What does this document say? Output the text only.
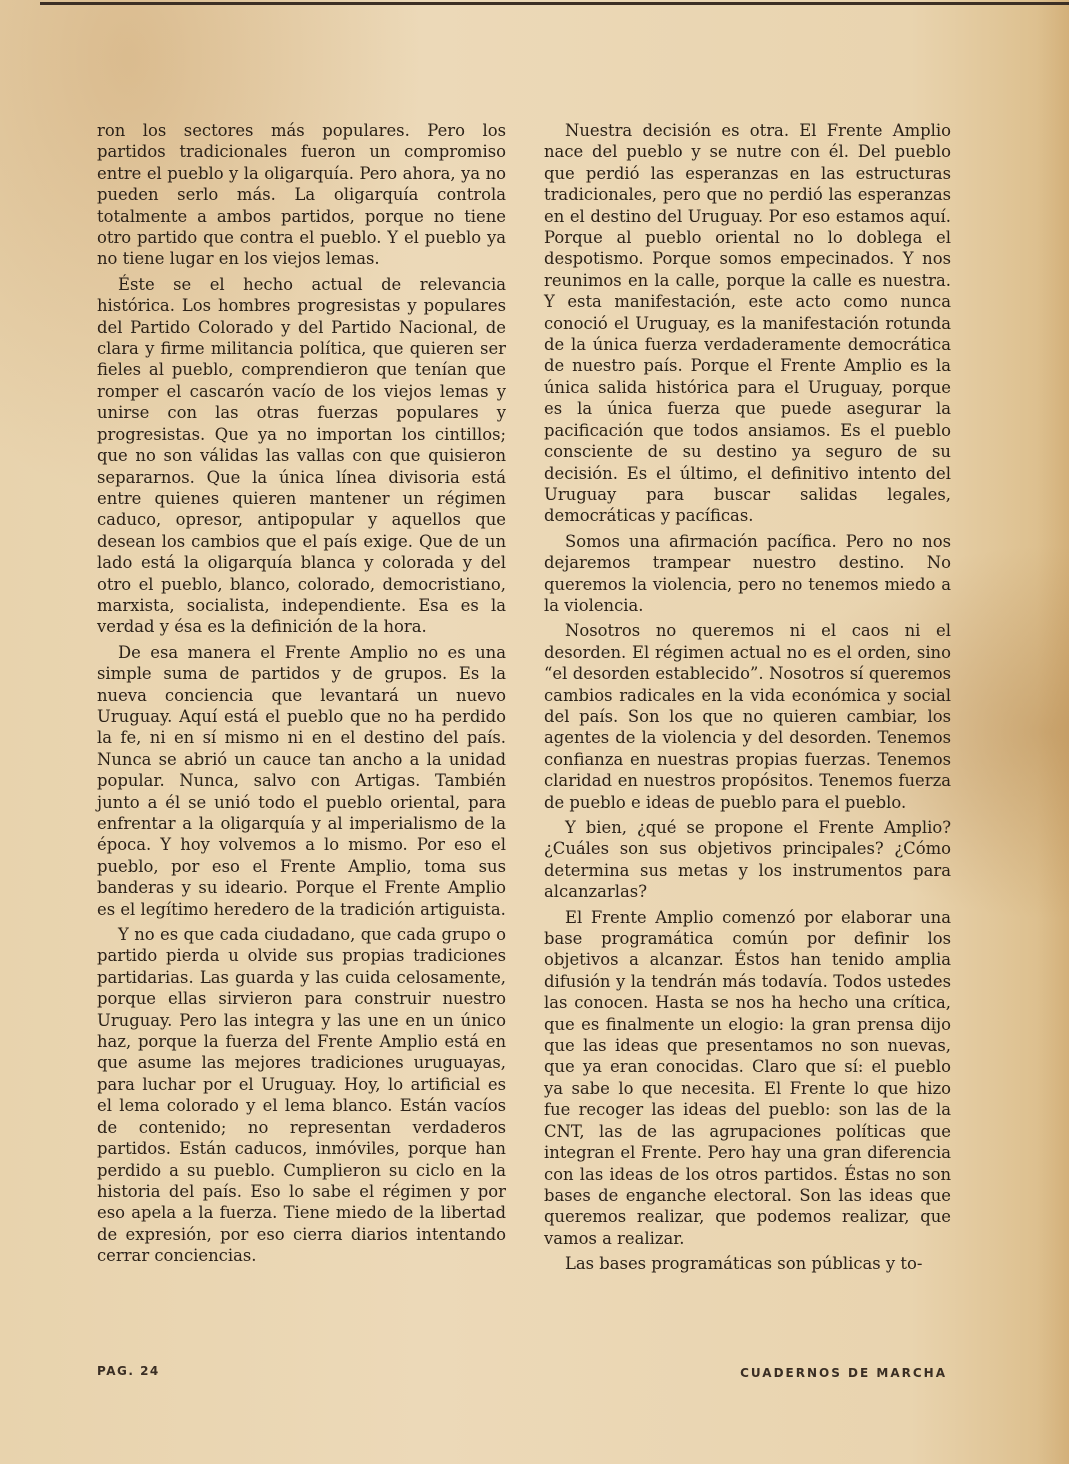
ron los sectores más populares. Pero los partidos tradicionales fueron un compromiso entre el pueblo y la oligarquía. Pero ahora, ya no pueden serlo más. La oligarquía controla totalmente a ambos partidos, porque no tiene otro partido que contra el pueblo. Y el pueblo ya no tiene lugar en los viejos lemas.

Éste se el hecho actual de relevancia histórica. Los hombres progresistas y populares del Partido Colorado y del Partido Nacional, de clara y firme militancia política, que quieren ser fieles al pueblo, comprendieron que tenían que romper el cascarón vacío de los viejos lemas y unirse con las otras fuerzas populares y progresistas. Que ya no importan los cintillos; que no son válidas las vallas con que quisieron separarnos. Que la única línea divisoria está entre quienes quieren mantener un régimen caduco, opresor, antipopular y aquellos que desean los cambios que el país exige. Que de un lado está la oligarquía blanca y colorada y del otro el pueblo, blanco, colorado, democristiano, marxista, socialista, independiente. Esa es la verdad y ésa es la definición de la hora.

De esa manera el Frente Amplio no es una simple suma de partidos y de grupos. Es la nueva conciencia que levantará un nuevo Uruguay. Aquí está el pueblo que no ha perdido la fe, ni en sí mismo ni en el destino del país. Nunca se abrió un cauce tan ancho a la unidad popular. Nunca, salvo con Artigas. También junto a él se unió todo el pueblo oriental, para enfrentar a la oligarquía y al imperialismo de la época. Y hoy volvemos a lo mismo. Por eso el pueblo, por eso el Frente Amplio, toma sus banderas y su ideario. Porque el Frente Amplio es el legítimo heredero de la tradición artiguista.

Y no es que cada ciudadano, que cada grupo o partido pierda u olvide sus propias tradiciones partidarias. Las guarda y las cuida celosamente, porque ellas sirvieron para construir nuestro Uruguay. Pero las integra y las une en un único haz, porque la fuerza del Frente Amplio está en que asume las mejores tradiciones uruguayas, para luchar por el Uruguay. Hoy, lo artificial es el lema colorado y el lema blanco. Están vacíos de contenido; no representan verdaderos partidos. Están caducos, inmóviles, porque han perdido a su pueblo. Cumplieron su ciclo en la historia del país. Eso lo sabe el régimen y por eso apela a la fuerza. Tiene miedo de la libertad de expresión, por eso cierra diarios intentando cerrar conciencias.

Nuestra decisión es otra. El Frente Amplio nace del pueblo y se nutre con él. Del pueblo que perdió las esperanzas en las estructuras tradicionales, pero que no perdió las esperanzas en el destino del Uruguay. Por eso estamos aquí. Porque al pueblo oriental no lo doblega el despotismo. Porque somos empecinados. Y nos reunimos en la calle, porque la calle es nuestra. Y esta manifestación, este acto como nunca conoció el Uruguay, es la manifestación rotunda de la única fuerza verdaderamente democrática de nuestro país. Porque el Frente Amplio es la única salida histórica para el Uruguay, porque es la única fuerza que puede asegurar la pacificación que todos ansiamos. Es el pueblo consciente de su destino ya seguro de su decisión. Es el último, el definitivo intento del Uruguay para buscar salidas legales, democráticas y pacíficas.

Somos una afirmación pacífica. Pero no nos dejaremos trampear nuestro destino. No queremos la violencia, pero no tenemos miedo a la violencia.

Nosotros no queremos ni el caos ni el desorden. El régimen actual no es el orden, sino “el desorden establecido”. Nosotros sí queremos cambios radicales en la vida económica y social del país. Son los que no quieren cambiar, los agentes de la violencia y del desorden. Tenemos confianza en nuestras propias fuerzas. Tenemos claridad en nuestros propósitos. Tenemos fuerza de pueblo e ideas de pueblo para el pueblo.

Y bien, ¿qué se propone el Frente Amplio? ¿Cuáles son sus objetivos principales? ¿Cómo determina sus metas y los instrumentos para alcanzarlas?

El Frente Amplio comenzó por elaborar una base programática común por definir los objetivos a alcanzar. Éstos han tenido amplia difusión y la tendrán más todavía. Todos ustedes las conocen. Hasta se nos ha hecho una crítica, que es finalmente un elogio: la gran prensa dijo que las ideas que presentamos no son nuevas, que ya eran conocidas. Claro que sí: el pueblo ya sabe lo que necesita. El Frente lo que hizo fue recoger las ideas del pueblo: son las de la CNT, las de las agrupaciones políticas que integran el Frente. Pero hay una gran diferencia con las ideas de los otros partidos. Éstas no son bases de enganche electoral. Son las ideas que queremos realizar, que podemos realizar, que vamos a realizar.

Las bases programáticas son públicas y to-

PAG. 24	CUADERNOS DE MARCHA
